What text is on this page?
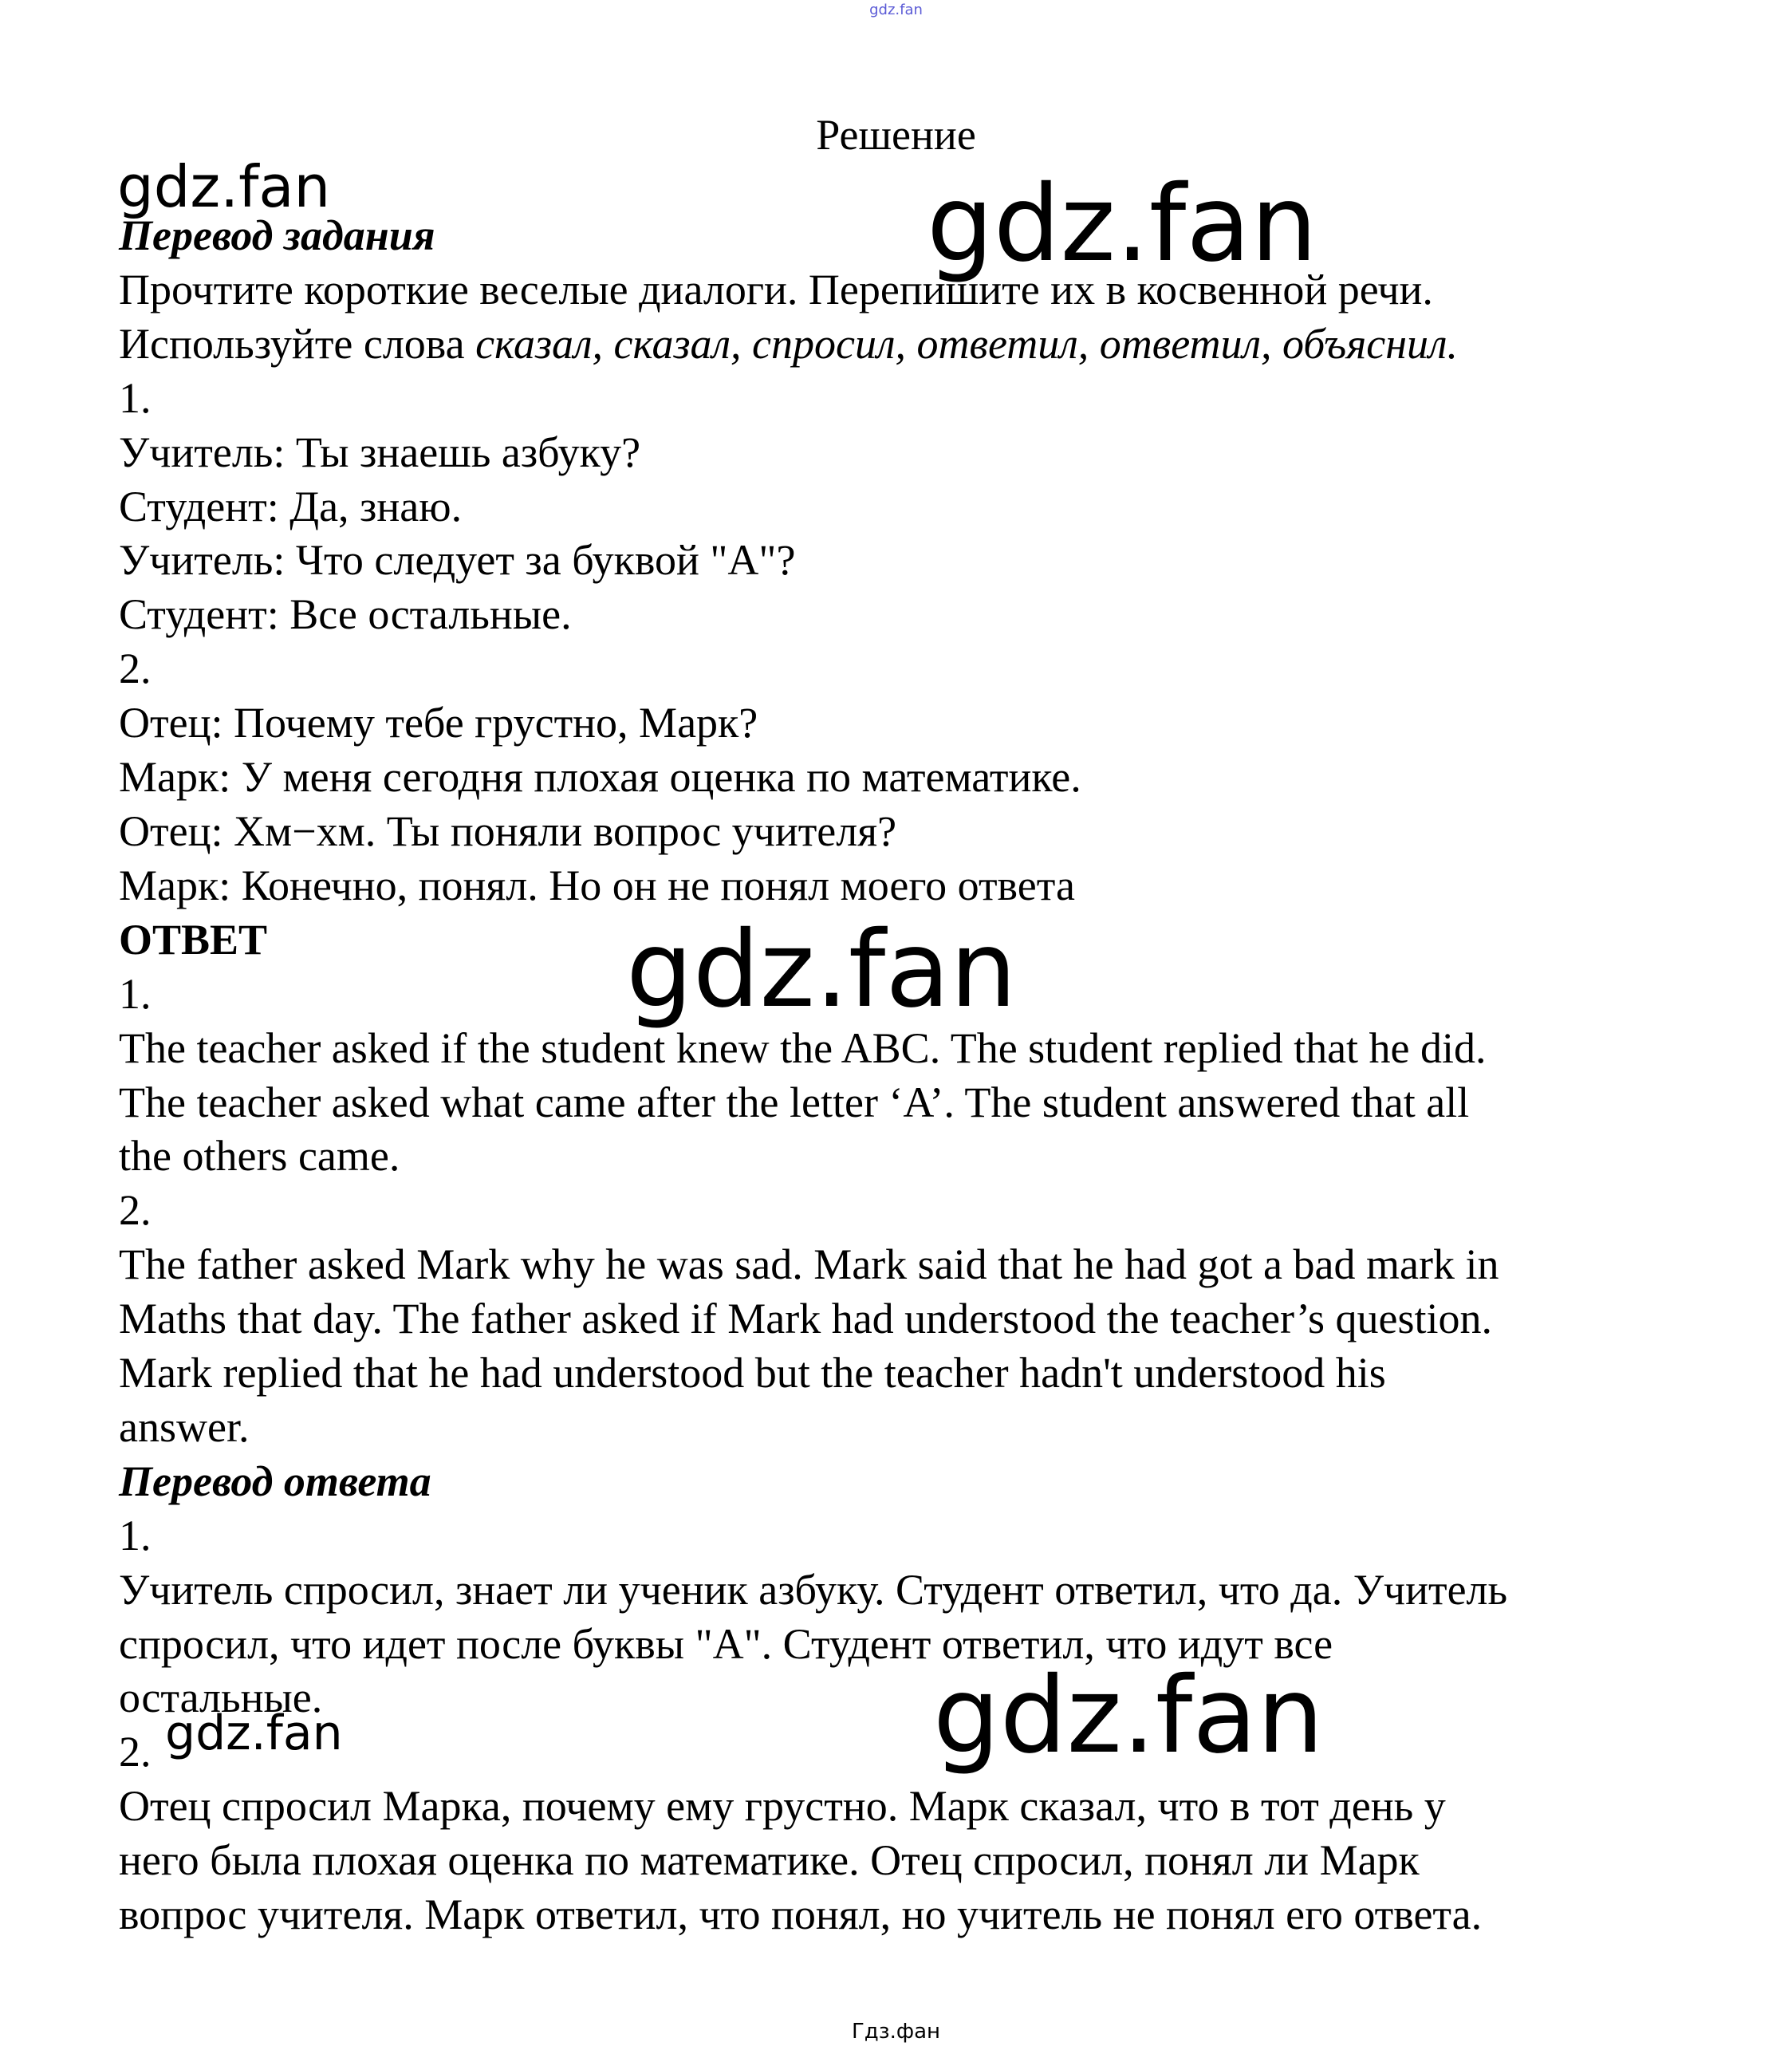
gdz.fan
Решение
Перевод задания
Прочтите короткие веселые диалоги. Перепишите их в косвенной речи.
Используйте слова сказал, сказал, спросил, ответил, ответил, объяснил.
1.
Учитель: Ты знаешь азбуку?
Студент: Да, знаю.
Учитель: Что следует за буквой "А"?
Студент: Все остальные.
2.
Отец: Почему тебе грустно, Марк?
Марк: У меня сегодня плохая оценка по математике.
Отец: Хм−хм. Ты поняли вопрос учителя?
Марк: Конечно, понял. Но он не понял моего ответа
ОТВЕТ
1.
The teacher asked if the student knew the ABC. The student replied that he did.
The teacher asked what came after the letter ‘A’. The student answered that all
the others came.
2.
The father asked Mark why he was sad. Mark said that he had got a bad mark in
Maths that day. The father asked if Mark had understood the teacher’s question.
Mark replied that he had understood but the teacher hadn't understood his
answer.
Перевод ответа
1.
Учитель спросил, знает ли ученик азбуку. Студент ответил, что да. Учитель
спросил, что идет после буквы "А". Студент ответил, что идут все
остальные.
2.
Отец спросил Марка, почему ему грустно. Марк сказал, что в тот день у
него была плохая оценка по математике. Отец спросил, понял ли Марк
вопрос учителя. Марк ответил, что понял, но учитель не понял его ответа.
gdz.fan	gdz.fan
gdz.fan
gdz.fan
gdz.fan
Гдз.фан
